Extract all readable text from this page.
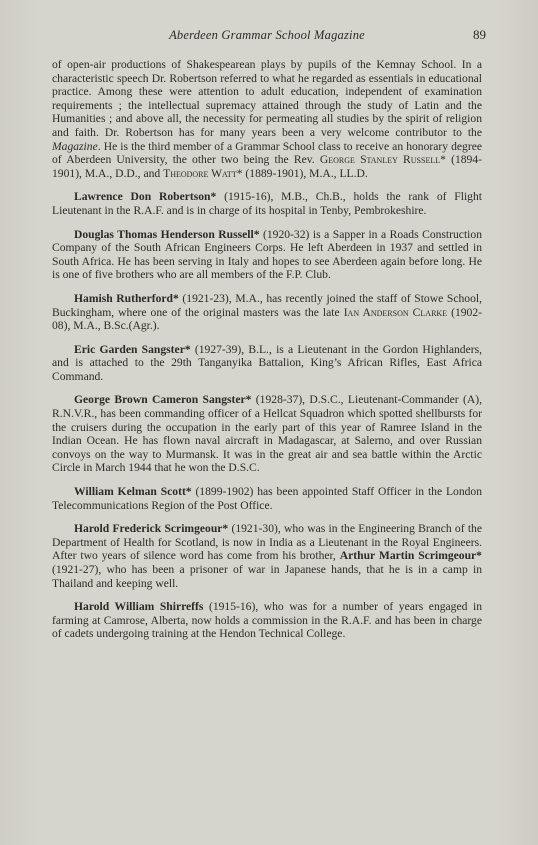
Aberdeen Grammar School Magazine	89

of open-air productions of Shakespearean plays by pupils of the Kemnay School. In a characteristic speech Dr. Robertson referred to what he regarded as essentials in educational practice. Among these were attention to adult education, independent of examination requirements ; the intellectual supremacy attained through the study of Latin and the Humanities ; and above all, the necessity for permeating all studies by the spirit of religion and faith. Dr. Robertson has for many years been a very welcome contributor to the Magazine. He is the third member of a Grammar School class to receive an honorary degree of Aberdeen University, the other two being the Rev. George Stanley Russell* (1894-1901), M.A., D.D., and Theodore Watt* (1889-1901), M.A., LL.D.

Lawrence Don Robertson* (1915-16), M.B., Ch.B., holds the rank of Flight Lieutenant in the R.A.F. and is in charge of its hospital in Tenby, Pembrokeshire.

Douglas Thomas Henderson Russell* (1920-32) is a Sapper in a Roads Construction Company of the South African Engineers Corps. He left Aberdeen in 1937 and settled in South Africa. He has been serving in Italy and hopes to see Aberdeen again before long. He is one of five brothers who are all members of the F.P. Club.

Hamish Rutherford* (1921-23), M.A., has recently joined the staff of Stowe School, Buckingham, where one of the original masters was the late Ian Anderson Clarke (1902-08), M.A., B.Sc.(Agr.).

Eric Garden Sangster* (1927-39), B.L., is a Lieutenant in the Gordon Highlanders, and is attached to the 29th Tanganyika Battalion, King’s African Rifles, East Africa Command.

George Brown Cameron Sangster* (1928-37), D.S.C., Lieutenant-Commander (A), R.N.V.R., has been commanding officer of a Hellcat Squadron which spotted shellbursts for the cruisers during the occupation in the early part of this year of Ramree Island in the Indian Ocean. He has flown naval aircraft in Madagascar, at Salerno, and over Russian convoys on the way to Murmansk. It was in the great air and sea battle within the Arctic Circle in March 1944 that he won the D.S.C.

William Kelman Scott* (1899-1902) has been appointed Staff Officer in the London Telecommunications Region of the Post Office.

Harold Frederick Scrimgeour* (1921-30), who was in the Engineering Branch of the Department of Health for Scotland, is now in India as a Lieutenant in the Royal Engineers. After two years of silence word has come from his brother, Arthur Martin Scrimgeour* (1921-27), who has been a prisoner of war in Japanese hands, that he is in a camp in Thailand and keeping well.

Harold William Shirreffs (1915-16), who was for a number of years engaged in farming at Camrose, Alberta, now holds a commission in the R.A.F. and has been in charge of cadets undergoing training at the Hendon Technical College.
